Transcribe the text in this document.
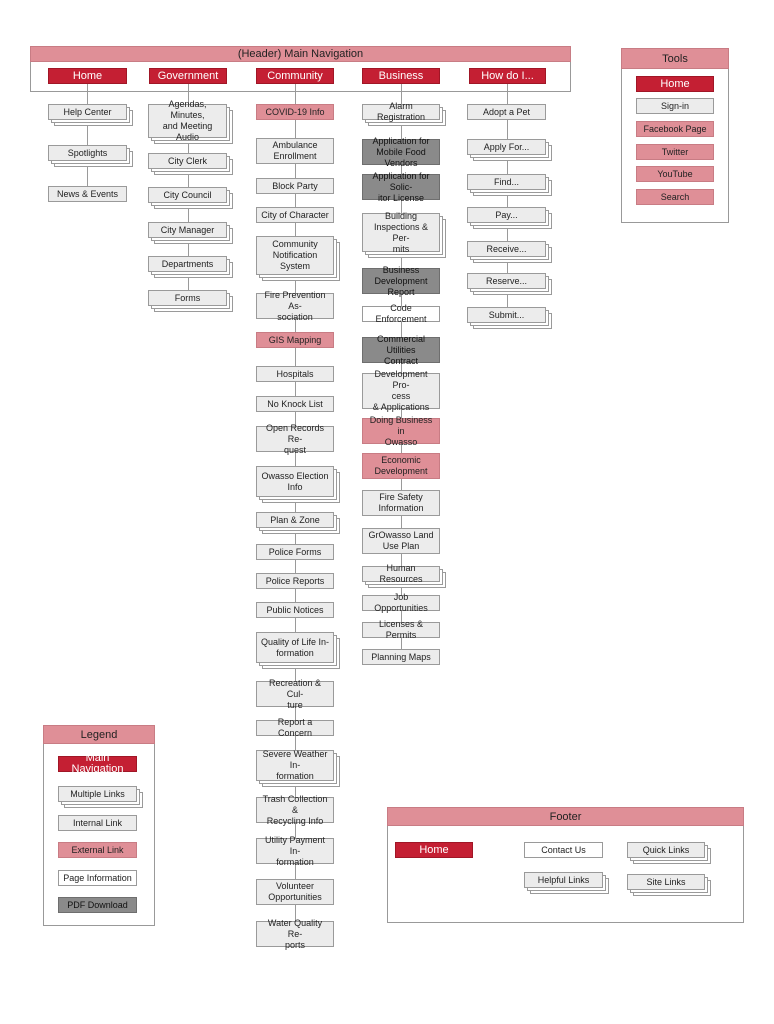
(Header) Main Navigation
Home	Government	Community	Business	How do I...
Help Center
Spotlights
News & Events
Agendas, Minutes,
and Meeting Audio
City Clerk
City Council
City Manager
Departments
Forms
COVID-19 Info
Ambulance
Enrollment
Block Party
City of Character
Community
Notification
System
Fire Prevention As-
sociation
GIS Mapping
Hospitals
No Knock List
Open Records Re-
quest
Owasso Election
Info
Plan & Zone
Police Forms
Police Reports
Public Notices
Quality of Life In-
formation
Recreation & Cul-
ture
Report a Concern
Severe Weather In-
formation
Trash Collection &
Recycling Info
Utility Payment In-
formation
Volunteer
Opportunities
Water Quality Re-
ports
Alarm Registration
Application for
Mobile Food Vendors
Application for Solic-
itor License
Building
Inspections & Per-
mits
Business
Development Report
Code Enforcement
Commercial Utilities
Contract
Development Pro-
cess
& Applications
Doing Business in
Owasso
Economic
Development
Fire Safety
Information
GrOwasso Land
Use Plan
Human Resources
Job Opportunities
Licenses & Permits
Planning Maps
Adopt a Pet
Apply For...
Find...
Pay...
Receive...
Reserve...
Submit...
Tools
Home
Sign-in
Facebook Page
Twitter
YouTube
Search
Legend
Main Navigation
Multiple Links
Internal Link
External Link
Page Information
PDF Download
Footer
Home	Contact Us	Quick Links
Helpful Links	Site Links
